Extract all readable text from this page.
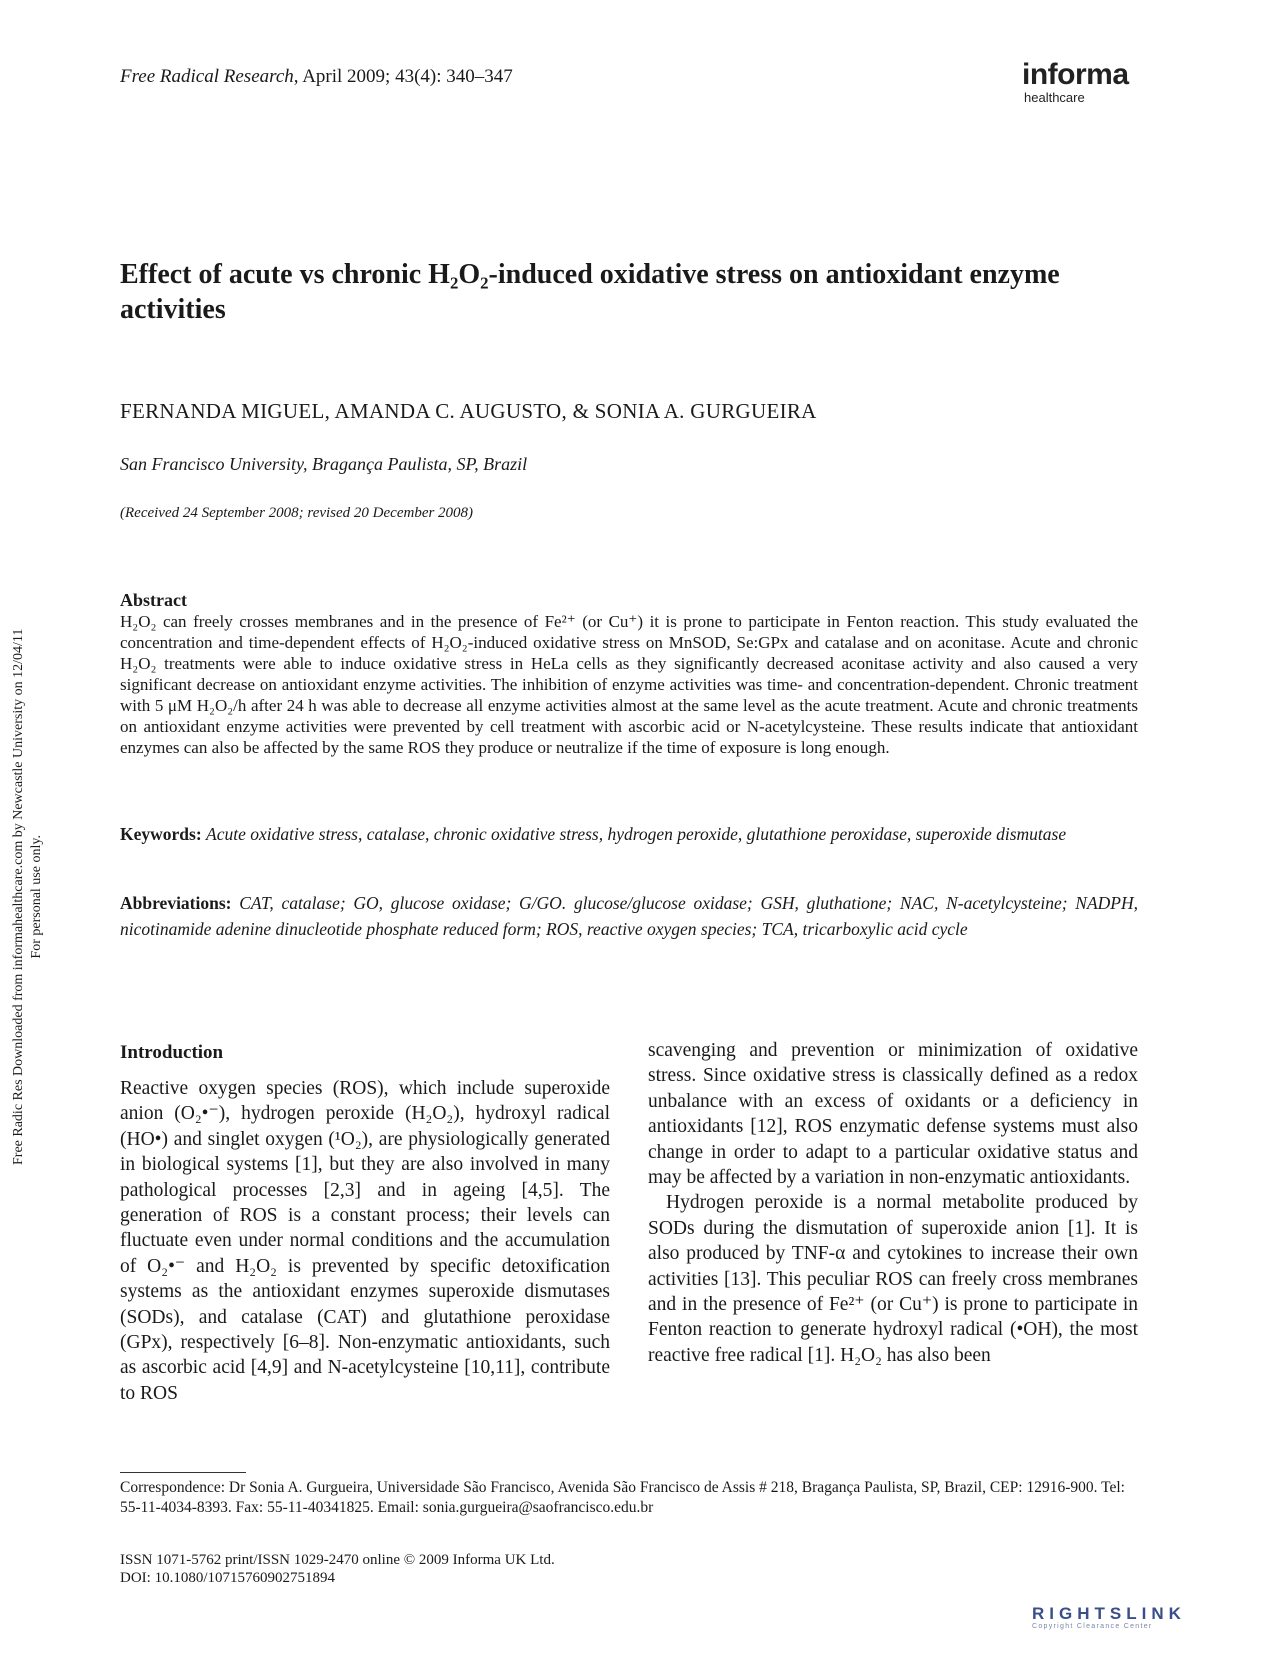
Free Radical Research, April 2009; 43(4): 340–347	informa
healthcare
Free Radic Res Downloaded from informahealthcare.com by Newcastle University on 12/04/11 For personal use only.
Effect of acute vs chronic H₂O₂-induced oxidative stress on antioxidant enzyme activities
FERNANDA MIGUEL, AMANDA C. AUGUSTO, & SONIA A. GURGUEIRA
San Francisco University, Bragança Paulista, SP, Brazil
(Received 24 September 2008; revised 20 December 2008)
Abstract
H₂O₂ can freely crosses membranes and in the presence of Fe²⁺ (or Cu⁺) it is prone to participate in Fenton reaction. This study evaluated the concentration and time-dependent effects of H₂O₂-induced oxidative stress on MnSOD, Se:GPx and catalase and on aconitase. Acute and chronic H₂O₂ treatments were able to induce oxidative stress in HeLa cells as they significantly decreased aconitase activity and also caused a very significant decrease on antioxidant enzyme activities. The inhibition of enzyme activities was time- and concentration-dependent. Chronic treatment with 5 μM H₂O₂/h after 24 h was able to decrease all enzyme activities almost at the same level as the acute treatment. Acute and chronic treatments on antioxidant enzyme activities were prevented by cell treatment with ascorbic acid or N-acetylcysteine. These results indicate that antioxidant enzymes can also be affected by the same ROS they produce or neutralize if the time of exposure is long enough.
Keywords: Acute oxidative stress, catalase, chronic oxidative stress, hydrogen peroxide, glutathione peroxidase, superoxide dismutase
Abbreviations: CAT, catalase; GO, glucose oxidase; G/GO. glucose/glucose oxidase; GSH, gluthatione; NAC, N-acetylcysteine; NADPH, nicotinamide adenine dinucleotide phosphate reduced form; ROS, reactive oxygen species; TCA, tricarboxylic acid cycle
Introduction

Reactive oxygen species (ROS), which include superoxide anion (O₂•⁻), hydrogen peroxide (H₂O₂), hydroxyl radical (HO•) and singlet oxygen (¹O₂), are physiologically generated in biological systems [1], but they are also involved in many pathological processes [2,3] and in ageing [4,5]. The generation of ROS is a constant process; their levels can fluctuate even under normal conditions and the accumulation of O₂•⁻ and H₂O₂ is prevented by specific detoxification systems as the antioxidant enzymes superoxide dismutases (SODs), and catalase (CAT) and glutathione peroxidase (GPx), respectively [6–8]. Non-enzymatic antioxidants, such as ascorbic acid [4,9] and N-acetylcysteine [10,11], contribute to ROS

scavenging and prevention or minimization of oxidative stress. Since oxidative stress is classically defined as a redox unbalance with an excess of oxidants or a deficiency in antioxidants [12], ROS enzymatic defense systems must also change in order to adapt to a particular oxidative status and may be affected by a variation in non-enzymatic antioxidants.

Hydrogen peroxide is a normal metabolite produced by SODs during the dismutation of superoxide anion [1]. It is also produced by TNF-α and cytokines to increase their own activities [13]. This peculiar ROS can freely cross membranes and in the presence of Fe²⁺ (or Cu⁺) is prone to participate in Fenton reaction to generate hydroxyl radical (•OH), the most reactive free radical [1]. H₂O₂ has also been

Correspondence: Dr Sonia A. Gurgueira, Universidade São Francisco, Avenida São Francisco de Assis # 218, Bragança Paulista, SP, Brazil, CEP: 12916-900. Tel: 55-11-4034-8393. Fax: 55-11-40341825. Email: sonia.gurgueira@saofrancisco.edu.br
ISSN 1071-5762 print/ISSN 1029-2470 online © 2009 Informa UK Ltd.
DOI: 10.1080/10715760902751894
RIGHTSLINK
Copyright Clearance Center
